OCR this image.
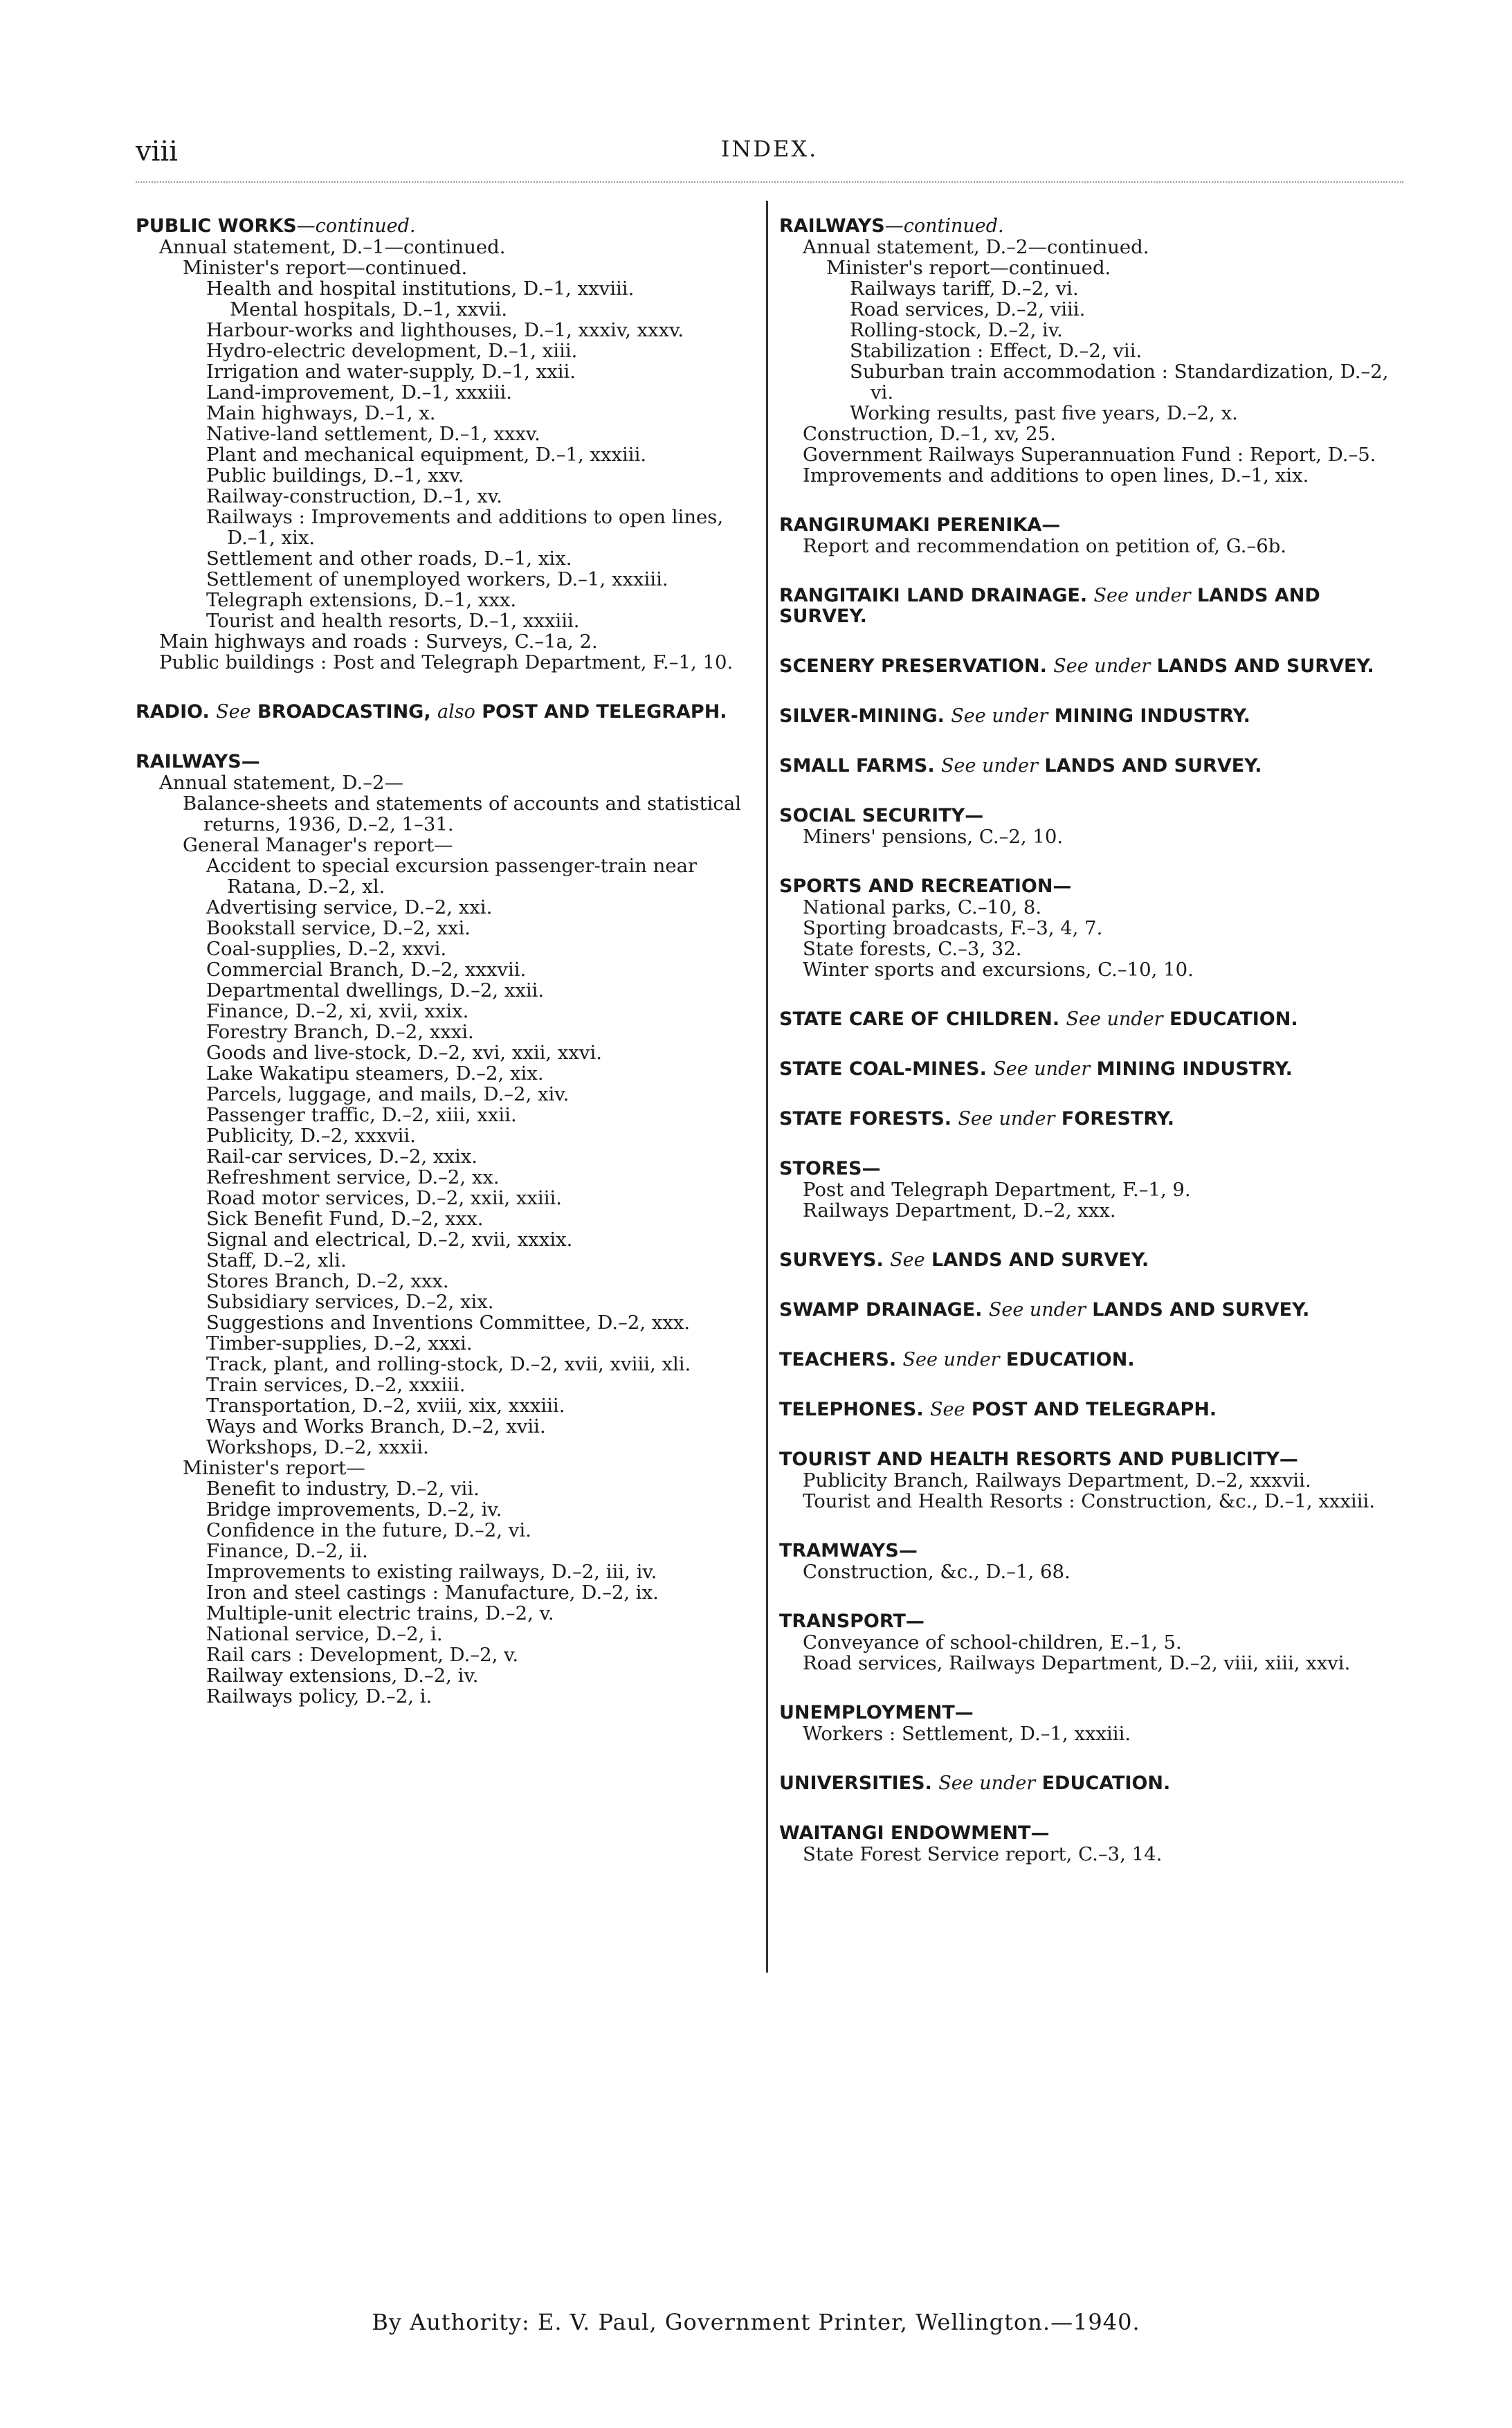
viii	INDEX.
PUBLIC WORKS—continued.
Annual statement, D.–1—continued.
Minister's report—continued.
Health and hospital institutions, D.–1, xxviii.
Mental hospitals, D.–1, xxvii.
Harbour-works and lighthouses, D.–1, xxxiv, xxxv.
Hydro-electric development, D.–1, xiii.
Irrigation and water-supply, D.–1, xxii.
Land-improvement, D.–1, xxxiii.
Main highways, D.–1, x.
Native-land settlement, D.–1, xxxv.
Plant and mechanical equipment, D.–1, xxxiii.
Public buildings, D.–1, xxv.
Railway-construction, D.–1, xv.
Railways : Improvements and additions to open lines, D.–1, xix.
Settlement and other roads, D.–1, xix.
Settlement of unemployed workers, D.–1, xxxiii.
Telegraph extensions, D.–1, xxx.
Tourist and health resorts, D.–1, xxxiii.
Main highways and roads : Surveys, C.–1a, 2.
Public buildings : Post and Telegraph Department, F.–1, 10.
RADIO. See BROADCASTING, also POST AND TELEGRAPH.
RAILWAYS—
Annual statement, D.–2—
Balance-sheets and statements of accounts and statistical returns, 1936, D.–2, 1–31.
General Manager's report—
Accident to special excursion passenger-train near Ratana, D.–2, xl.
Advertising service, D.–2, xxi.
Bookstall service, D.–2, xxi.
Coal-supplies, D.–2, xxvi.
Commercial Branch, D.–2, xxxvii.
Departmental dwellings, D.–2, xxii.
Finance, D.–2, xi, xvii, xxix.
Forestry Branch, D.–2, xxxi.
Goods and live-stock, D.–2, xvi, xxii, xxvi.
Lake Wakatipu steamers, D.–2, xix.
Parcels, luggage, and mails, D.–2, xiv.
Passenger traffic, D.–2, xiii, xxii.
Publicity, D.–2, xxxvii.
Rail-car services, D.–2, xxix.
Refreshment service, D.–2, xx.
Road motor services, D.–2, xxii, xxiii.
Sick Benefit Fund, D.–2, xxx.
Signal and electrical, D.–2, xvii, xxxix.
Staff, D.–2, xli.
Stores Branch, D.–2, xxx.
Subsidiary services, D.–2, xix.
Suggestions and Inventions Committee, D.–2, xxx.
Timber-supplies, D.–2, xxxi.
Track, plant, and rolling-stock, D.–2, xvii, xviii, xli.
Train services, D.–2, xxxiii.
Transportation, D.–2, xviii, xix, xxxiii.
Ways and Works Branch, D.–2, xvii.
Workshops, D.–2, xxxii.
Minister's report—
Benefit to industry, D.–2, vii.
Bridge improvements, D.–2, iv.
Confidence in the future, D.–2, vi.
Finance, D.–2, ii.
Improvements to existing railways, D.–2, iii, iv.
Iron and steel castings : Manufacture, D.–2, ix.
Multiple-unit electric trains, D.–2, v.
National service, D.–2, i.
Rail cars : Development, D.–2, v.
Railway extensions, D.–2, iv.
Railways policy, D.–2, i.
RAILWAYS—continued.
Annual statement, D.–2—continued.
Minister's report—continued.
Railways tariff, D.–2, vi.
Road services, D.–2, viii.
Rolling-stock, D.–2, iv.
Stabilization : Effect, D.–2, vii.
Suburban train accommodation : Standardization, D.–2, vi.
Working results, past five years, D.–2, x.
Construction, D.–1, xv, 25.
Government Railways Superannuation Fund : Report, D.–5.
Improvements and additions to open lines, D.–1, xix.
RANGIRUMAKI PERENIKA—
Report and recommendation on petition of, G.–6b.
RANGITAIKI LAND DRAINAGE. See under LANDS AND SURVEY.
SCENERY PRESERVATION. See under LANDS AND SURVEY.
SILVER-MINING. See under MINING INDUSTRY.
SMALL FARMS. See under LANDS AND SURVEY.
SOCIAL SECURITY—
Miners' pensions, C.–2, 10.
SPORTS AND RECREATION—
National parks, C.–10, 8.
Sporting broadcasts, F.–3, 4, 7.
State forests, C.–3, 32.
Winter sports and excursions, C.–10, 10.
STATE CARE OF CHILDREN. See under EDUCATION.
STATE COAL-MINES. See under MINING INDUSTRY.
STATE FORESTS. See under FORESTRY.
STORES—
Post and Telegraph Department, F.–1, 9.
Railways Department, D.–2, xxx.
SURVEYS. See LANDS AND SURVEY.
SWAMP DRAINAGE. See under LANDS AND SURVEY.
TEACHERS. See under EDUCATION.
TELEPHONES. See POST AND TELEGRAPH.
TOURIST AND HEALTH RESORTS AND PUBLICITY—
Publicity Branch, Railways Department, D.–2, xxxvii.
Tourist and Health Resorts : Construction, &c., D.–1, xxxiii.
TRAMWAYS—
Construction, &c., D.–1, 68.
TRANSPORT—
Conveyance of school-children, E.–1, 5.
Road services, Railways Department, D.–2, viii, xiii, xxvi.
UNEMPLOYMENT—
Workers : Settlement, D.–1, xxxiii.
UNIVERSITIES. See under EDUCATION.
WAITANGI ENDOWMENT—
State Forest Service report, C.–3, 14.
By Authority: E. V. Paul, Government Printer, Wellington.—1940.
